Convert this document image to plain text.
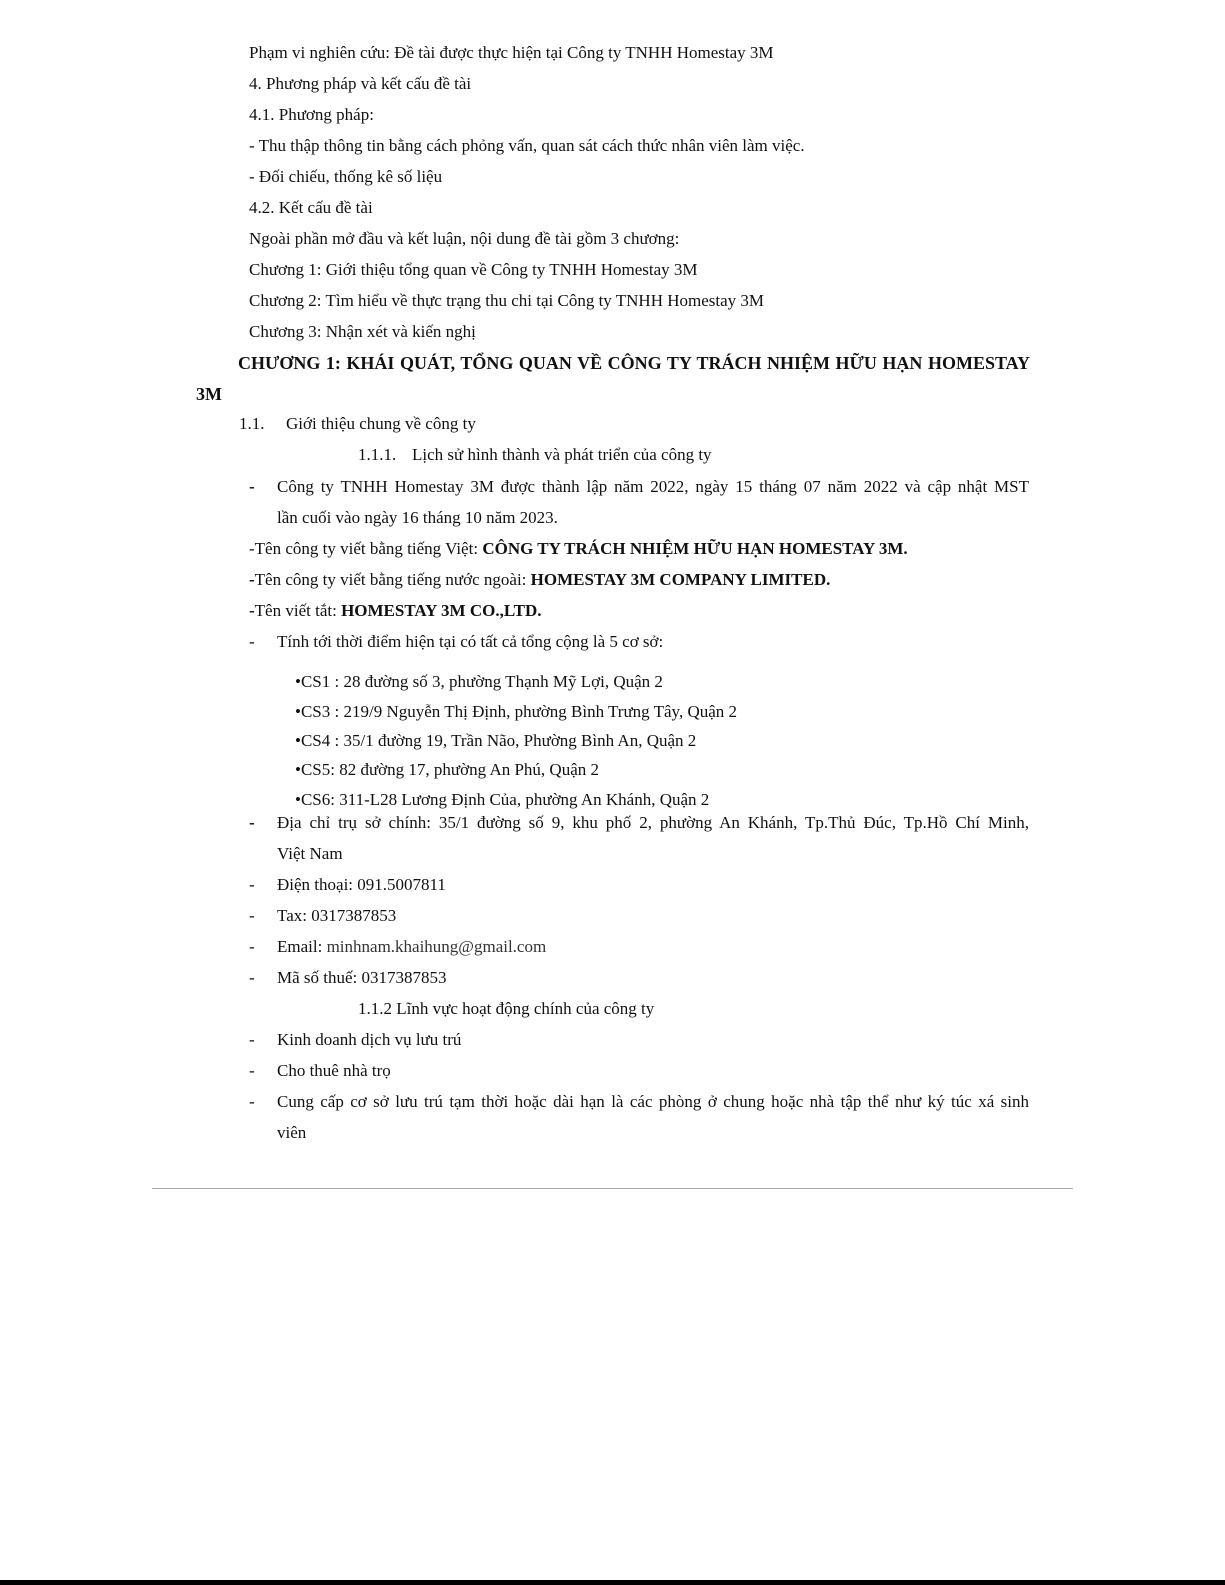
Phạm vi nghiên cứu: Đề tài được thực hiện tại Công ty TNHH Homestay 3M
4. Phương pháp và kết cấu đề tài
4.1. Phương pháp:
- Thu thập thông tin bằng cách phỏng vấn, quan sát cách thức nhân viên làm việc.
- Đối chiếu, thống kê số liệu
4.2. Kết cấu đề tài
Ngoài phần mở đầu và kết luận, nội dung đề tài gồm 3 chương:
Chương 1: Giới thiệu tổng quan về Công ty TNHH Homestay 3M
Chương 2: Tìm hiểu về thực trạng thu chi tại Công ty TNHH Homestay 3M
Chương 3: Nhận xét và kiến nghị
CHƯƠNG 1: KHÁI QUÁT, TỔNG QUAN VỀ CÔNG TY TRÁCH NHIỆM HỮU HẠN HOMESTAY
3M
1.1. Giới thiệu chung về công ty
1.1.1. Lịch sử hình thành và phát triển của công ty
- Công ty TNHH Homestay 3M được thành lập năm 2022, ngày 15 tháng 07 năm 2022 và cập nhật MST
lần cuối vào ngày 16 tháng 10 năm 2023.
-Tên công ty viết bằng tiếng Việt: CÔNG TY TRÁCH NHIỆM HỮU HẠN HOMESTAY 3M.
-Tên công ty viết bằng tiếng nước ngoài: HOMESTAY 3M COMPANY LIMITED.
-Tên viết tắt: HOMESTAY 3M CO.,LTD.
- Tính tới thời điểm hiện tại có tất cả tổng cộng là 5 cơ sở:
•CS1 : 28 đường số 3, phường Thạnh Mỹ Lợi, Quận 2
•CS3 : 219/9 Nguyễn Thị Định, phường Bình Trưng Tây, Quận 2
•CS4 : 35/1 đường 19, Trần Não, Phường Bình An, Quận 2
•CS5: 82 đường 17, phường An Phú, Quận 2
•CS6: 311-L28 Lương Định Của, phường An Khánh, Quận 2
- Địa chỉ trụ sở chính: 35/1 đường số 9, khu phố 2, phường An Khánh, Tp.Thủ Đúc, Tp.Hồ Chí Minh,
Việt Nam
- Điện thoại: 091.5007811
- Tax: 0317387853
- Email: minhnam.khaihung@gmail.com
- Mã số thuế: 0317387853
1.1.2 Lĩnh vực hoạt động chính của công ty
- Kinh doanh dịch vụ lưu trú
- Cho thuê nhà trọ
- Cung cấp cơ sở lưu trú tạm thời hoặc dài hạn là các phòng ở chung hoặc nhà tập thể như ký túc xá sinh
viên
